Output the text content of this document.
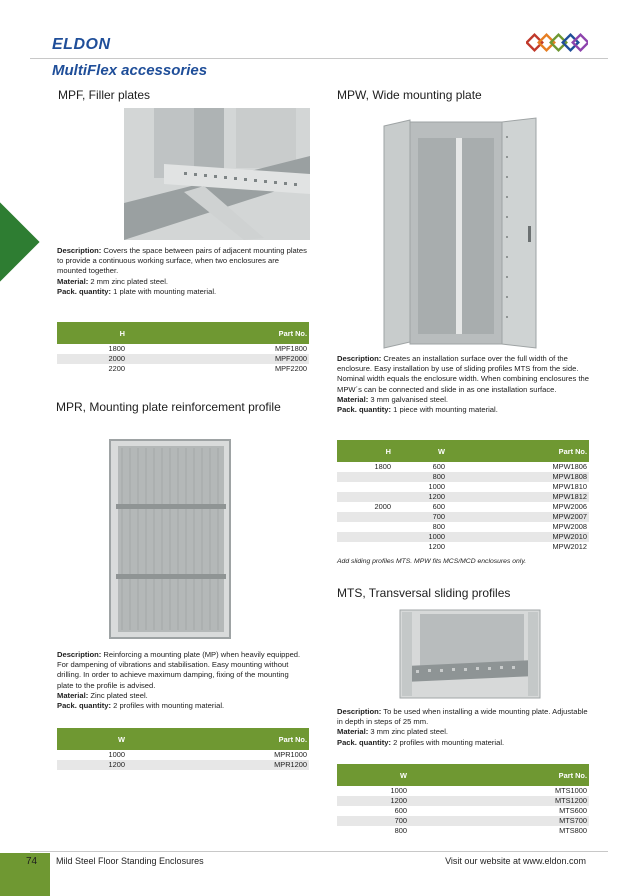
ELDON
MultiFlex accessories
MPF, Filler plates
Description: Covers the space between pairs of adjacent mounting plates to provide a continuous working surface, when two enclosures are mounted together.
Material: 2 mm zinc plated steel.
Pack. quantity: 1 plate with mounting material.
H	Part No.
1800	MPF1800
2000	MPF2000
2200	MPF2200
MPR, Mounting plate reinforcement profile
Description: Reinforcing a mounting plate (MP) when heavily equipped. For dampening of vibrations and stabilisation. Easy mounting without drilling. In order to achieve maximum damping, fixing of the mounting plate to the profile is advised.
Material: Zinc plated steel.
Pack. quantity: 2 profiles with mounting material.
W	Part No.
1000	MPR1000
1200	MPR1200
MPW, Wide mounting plate
Description: Creates an installation surface over the full width of the enclosure. Easy installation by use of sliding profiles MTS from the side. Nominal width equals the enclosure width. When combining enclosures the MPW´s can be connected and slide in as one installation surface.
Material: 3 mm galvanised steel.
Pack. quantity: 1 piece with mounting material.
H	W	Part No.
1800	600	MPW1806
	800	MPW1808
	1000	MPW1810
	1200	MPW1812
2000	600	MPW2006
	700	MPW2007
	800	MPW2008
	1000	MPW2010
	1200	MPW2012
Add sliding profiles MTS. MPW fits MCS/MCD enclosures only.
MTS, Transversal sliding profiles
Description: To be used when installing a wide mounting plate. Adjustable in depth in steps of 25 mm.
Material: 3 mm zinc plated steel.
Pack. quantity: 2 profiles with mounting material.
W	Part No.
1000	MTS1000
1200	MTS1200
600	MTS600
700	MTS700
800	MTS800
74 Mild Steel Floor Standing Enclosures	Visit our website at www.eldon.com
